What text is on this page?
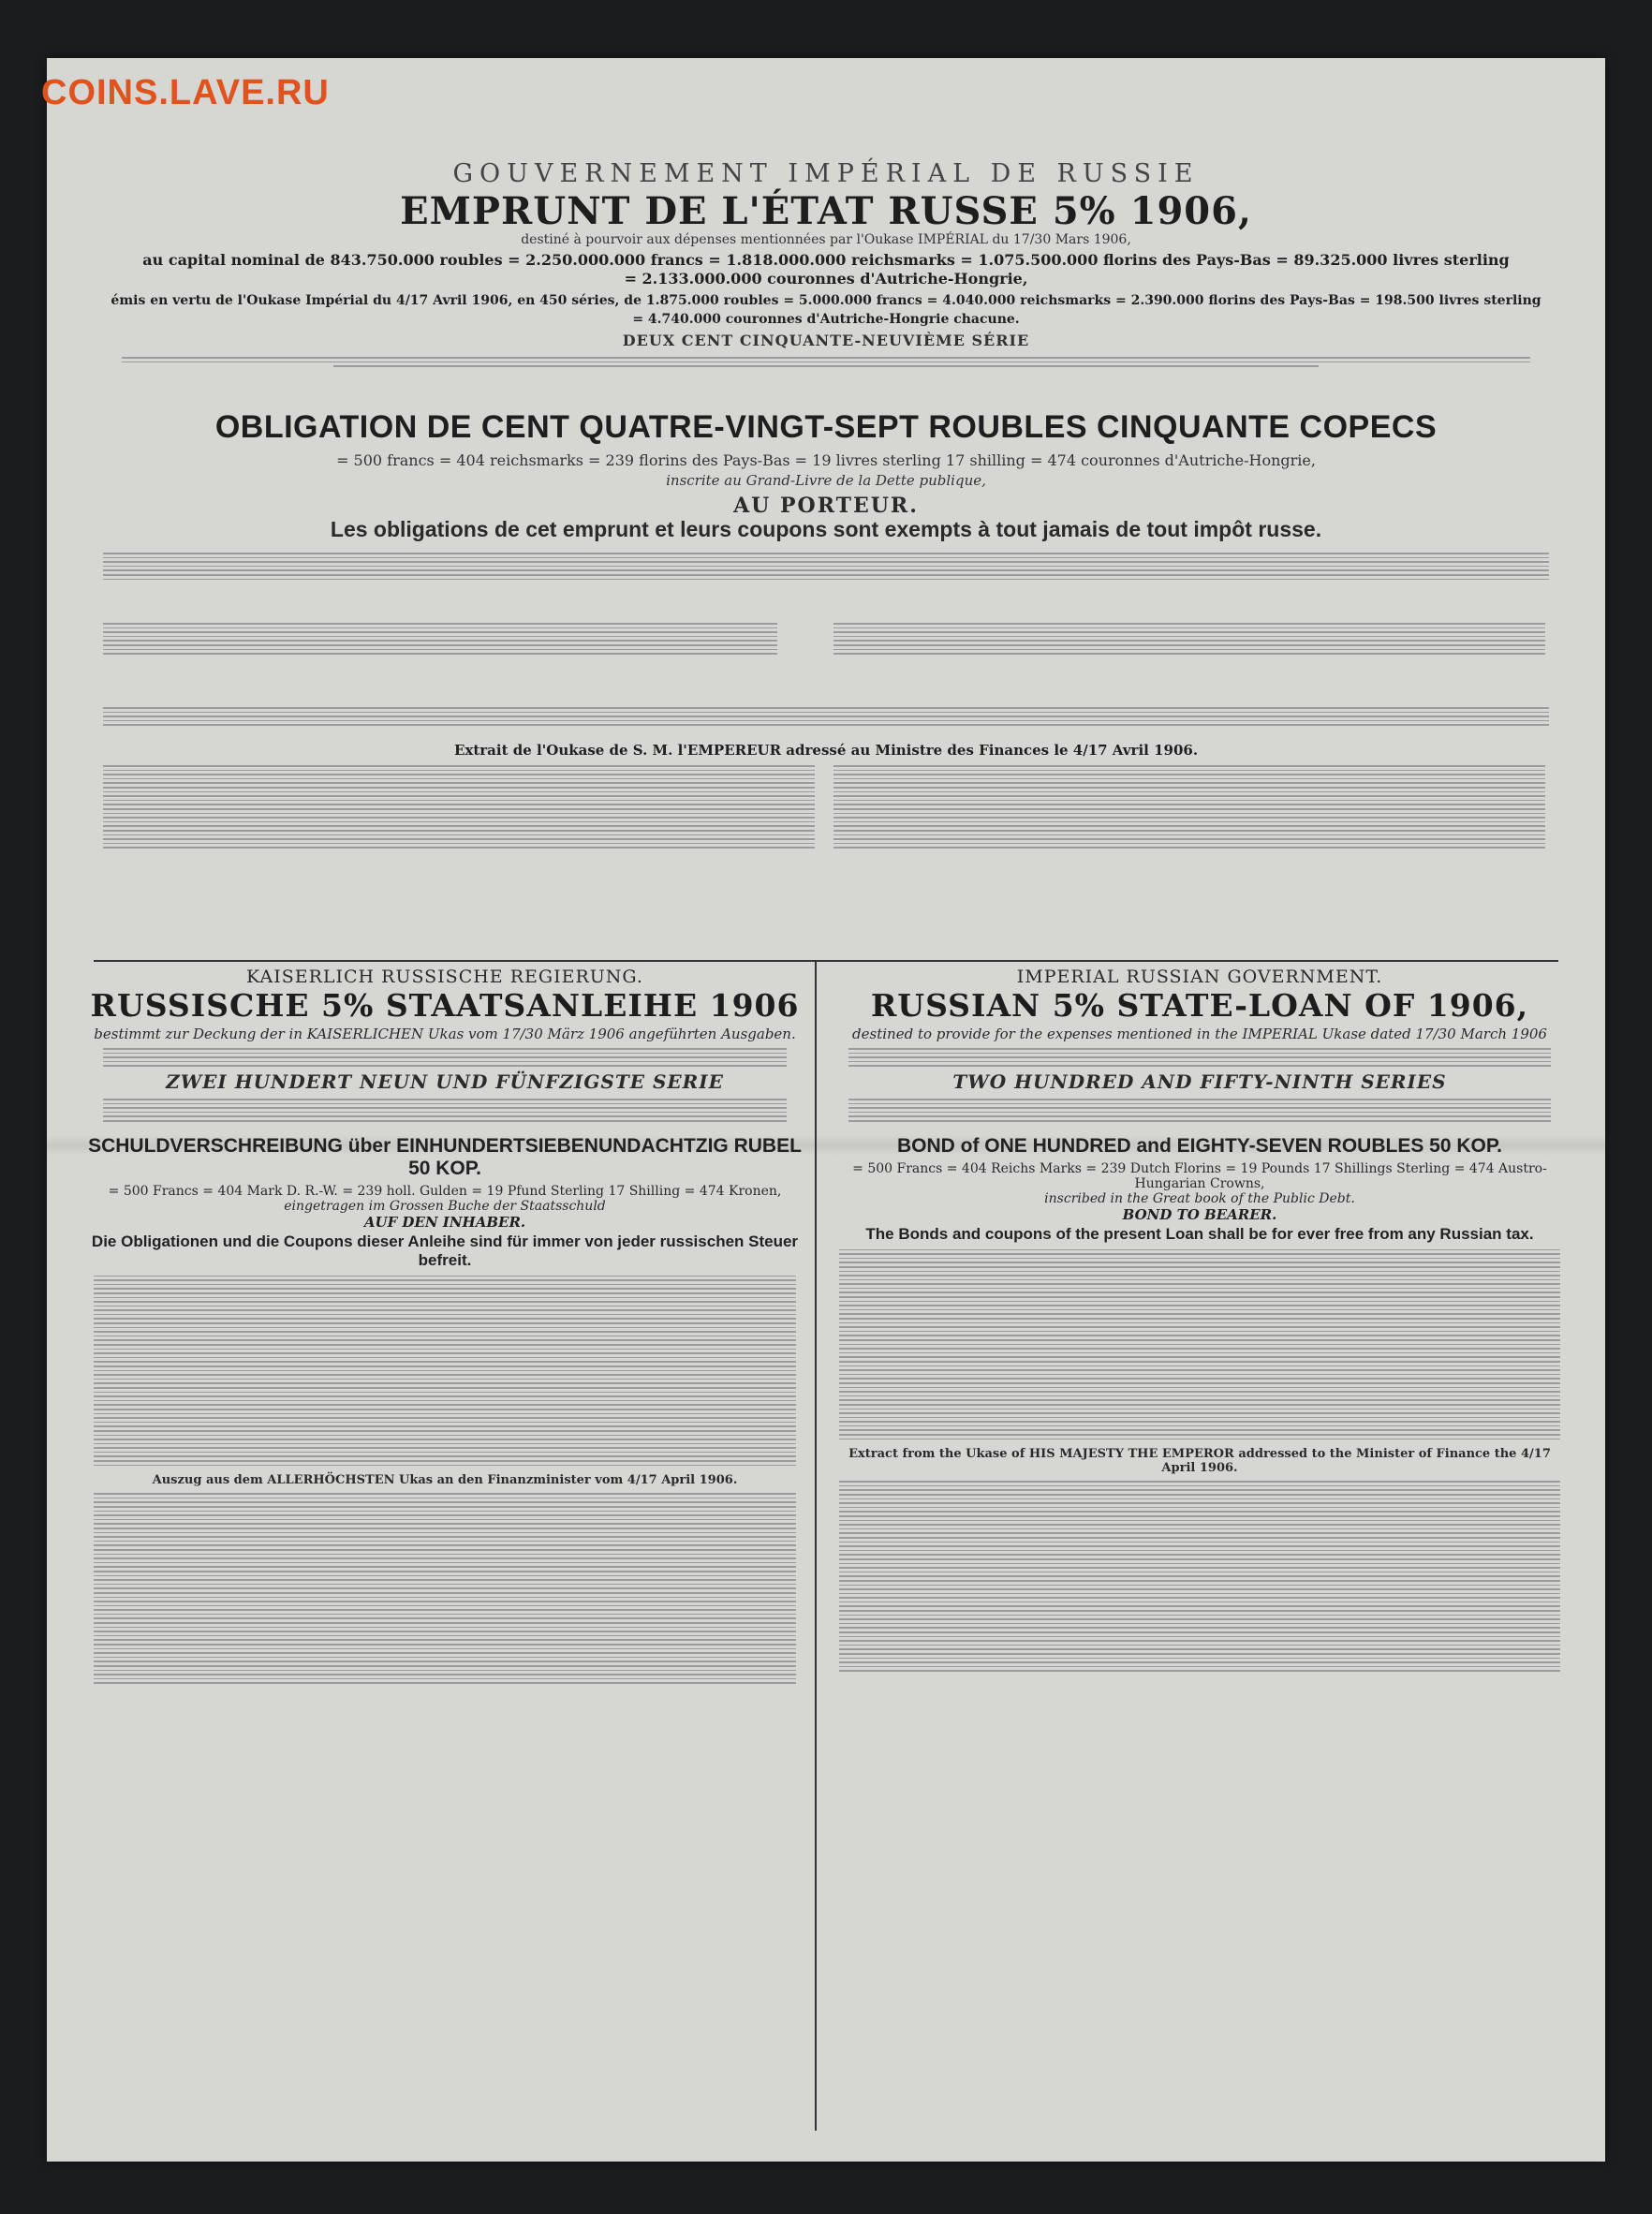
COINS.LAVE.RU
GOUVERNEMENT IMPÉRIAL DE RUSSIE
EMPRUNT DE L'ÉTAT RUSSE 5% 1906,
destiné à pourvoir aux dépenses mentionnées par l'Oukase IMPÉRIAL du 17/30 Mars 1906,
au capital nominal de 843.750.000 roubles = 2.250.000.000 francs = 1.818.000.000 reichsmarks = 1.075.500.000 florins des Pays-Bas = 89.325.000 livres sterling
= 2.133.000.000 couronnes d'Autriche-Hongrie,
émis en vertu de l'Oukase Impérial du 4/17 Avril 1906, en 450 séries, de 1.875.000 roubles = 5.000.000 francs = 4.040.000 reichsmarks = 2.390.000 florins des Pays-Bas = 198.500 livres sterling
= 4.740.000 couronnes d'Autriche-Hongrie chacune.
DEUX CENT CINQUANTE-NEUVIÈME SÉRIE
OBLIGATION DE CENT QUATRE-VINGT-SEPT ROUBLES CINQUANTE COPECS
= 500 francs = 404 reichsmarks = 239 florins des Pays-Bas = 19 livres sterling 17 shilling = 474 couronnes d'Autriche-Hongrie,
inscrite au Grand-Livre de la Dette publique,
AU PORTEUR.
Les obligations de cet emprunt et leurs coupons sont exempts à tout jamais de tout impôt russe.
Extrait de l'Oukase de S. M. l'EMPEREUR adressé au Ministre des Finances le 4/17 Avril 1906.
KAISERLICH RUSSISCHE REGIERUNG.
RUSSISCHE 5% STAATSANLEIHE 1906
bestimmt zur Deckung der in KAISERLICHEN Ukas vom 17/30 März 1906 angeführten Ausgaben.
ZWEI HUNDERT NEUN UND FÜNFZIGSTE SERIE
SCHULDVERSCHREIBUNG über EINHUNDERTSIEBENUNDACHTZIG RUBEL 50 KOP.
= 500 Francs = 404 Mark D. R.-W. = 239 holl. Gulden = 19 Pfund Sterling 17 Shilling = 474 Kronen,
eingetragen im Grossen Buche der Staatsschuld
AUF DEN INHABER.
Die Obligationen und die Coupons dieser Anleihe sind für immer von jeder russischen Steuer befreit.
Auszug aus dem ALLERHÖCHSTEN Ukas an den Finanzminister vom 4/17 April 1906.
IMPERIAL RUSSIAN GOVERNMENT.
RUSSIAN 5% STATE-LOAN OF 1906,
destined to provide for the expenses mentioned in the IMPERIAL Ukase dated 17/30 March 1906
TWO HUNDRED AND FIFTY-NINTH SERIES
BOND of ONE HUNDRED and EIGHTY-SEVEN ROUBLES 50 KOP.
= 500 Francs = 404 Reichs Marks = 239 Dutch Florins = 19 Pounds 17 Shillings Sterling = 474 Austro-Hungarian Crowns,
inscribed in the Great book of the Public Debt.
BOND TO BEARER.
The Bonds and coupons of the present Loan shall be for ever free from any Russian tax.
Extract from the Ukase of HIS MAJESTY THE EMPEROR addressed to the Minister of Finance the 4/17 April 1906.
